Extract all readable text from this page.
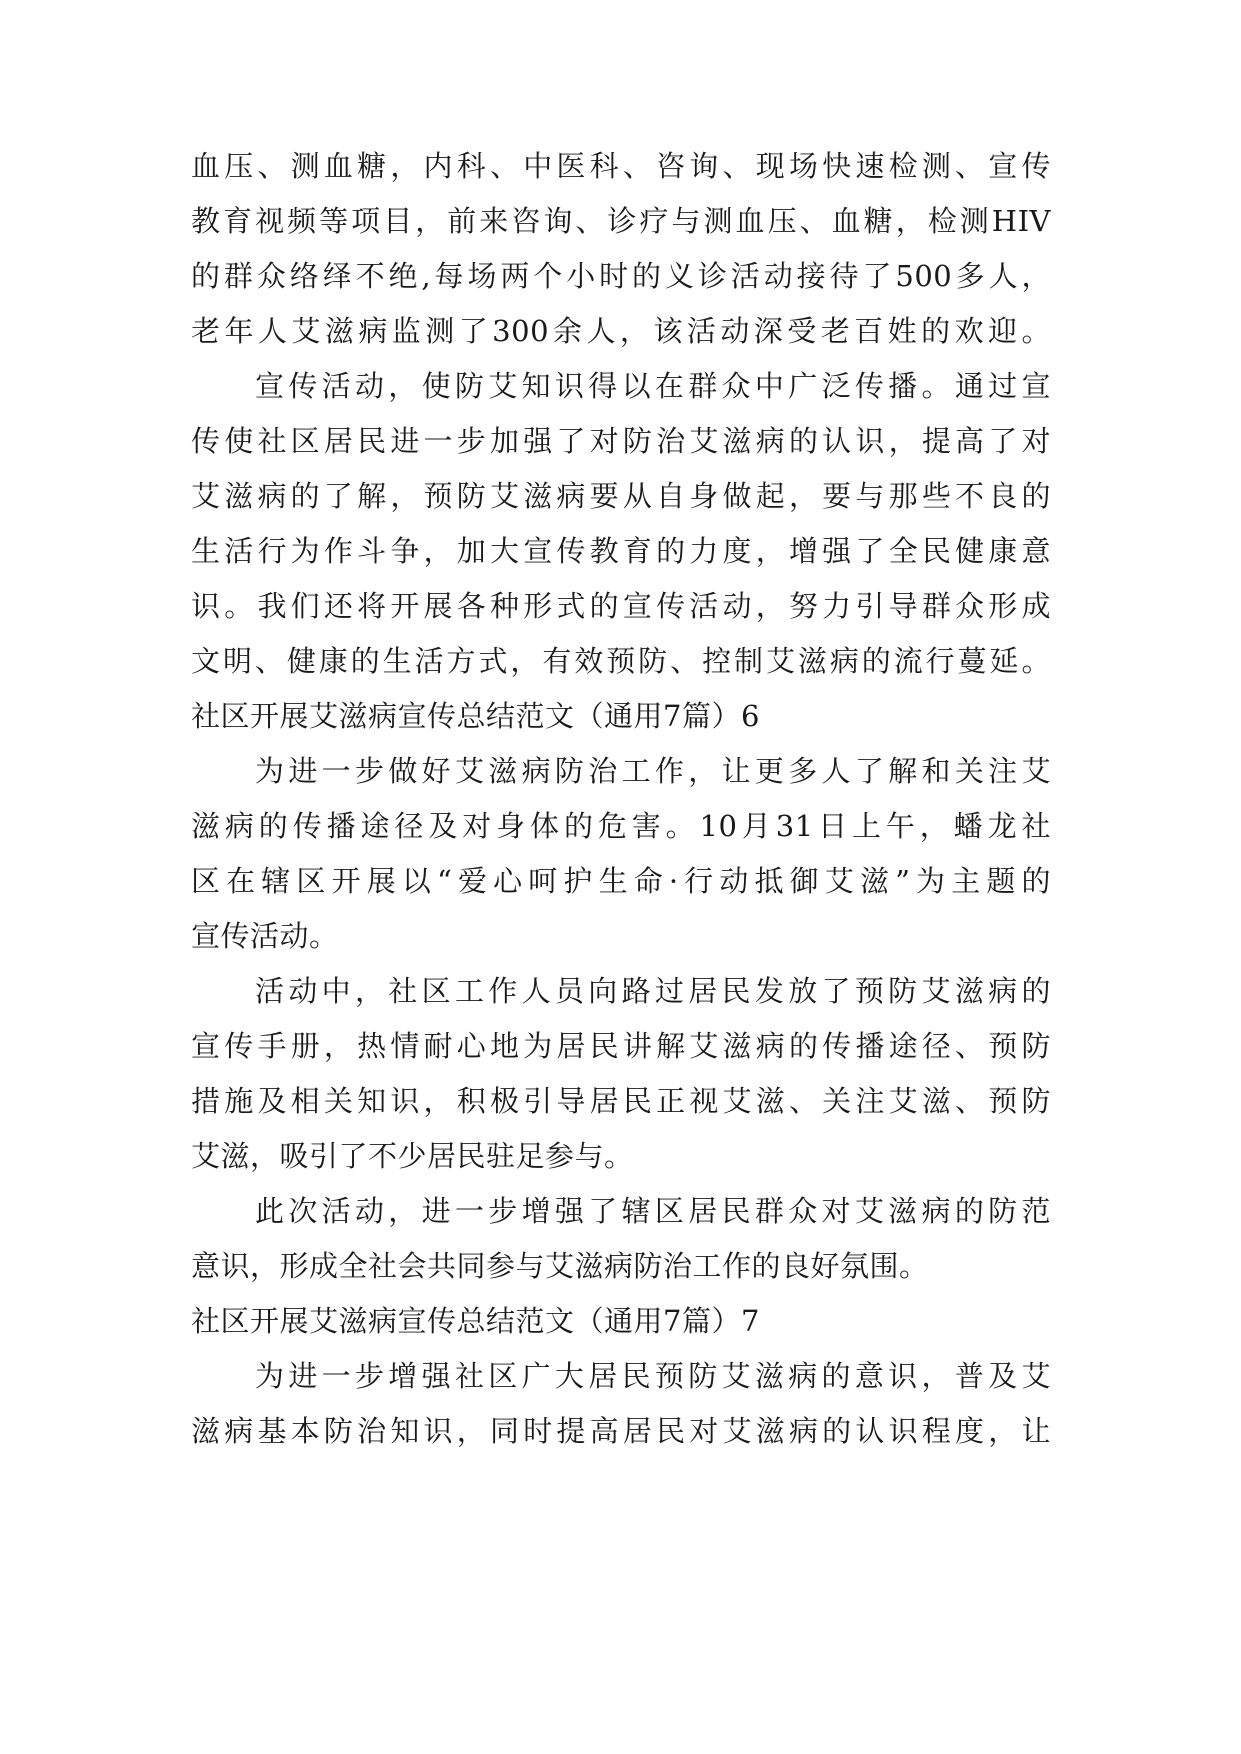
血压、测血糖，内科、中医科、咨询、现场快速检测、宣传
教育视频等项目，前来咨询、诊疗与测血压、血糖，检测HIV
的群众络绎不绝,每场两个小时的义诊活动接待了500多人，
老年人艾滋病监测了300余人，该活动深受老百姓的欢迎。
宣传活动，使防艾知识得以在群众中广泛传播。通过宣
传使社区居民进一步加强了对防治艾滋病的认识，提高了对
艾滋病的了解，预防艾滋病要从自身做起，要与那些不良的
生活行为作斗争，加大宣传教育的力度，增强了全民健康意
识。我们还将开展各种形式的宣传活动，努力引导群众形成
文明、健康的生活方式，有效预防、控制艾滋病的流行蔓延。
社区开展艾滋病宣传总结范文（通用7篇）6
为进一步做好艾滋病防治工作，让更多人了解和关注艾
滋病的传播途径及对身体的危害。10月31日上午，蟠龙社
区在辖区开展以“爱心呵护生命·行动抵御艾滋”为主题的
宣传活动。
活动中，社区工作人员向路过居民发放了预防艾滋病的
宣传手册，热情耐心地为居民讲解艾滋病的传播途径、预防
措施及相关知识，积极引导居民正视艾滋、关注艾滋、预防
艾滋，吸引了不少居民驻足参与。
此次活动，进一步增强了辖区居民群众对艾滋病的防范
意识，形成全社会共同参与艾滋病防治工作的良好氛围。
社区开展艾滋病宣传总结范文（通用7篇）7
为进一步增强社区广大居民预防艾滋病的意识，普及艾
滋病基本防治知识，同时提高居民对艾滋病的认识程度，让
